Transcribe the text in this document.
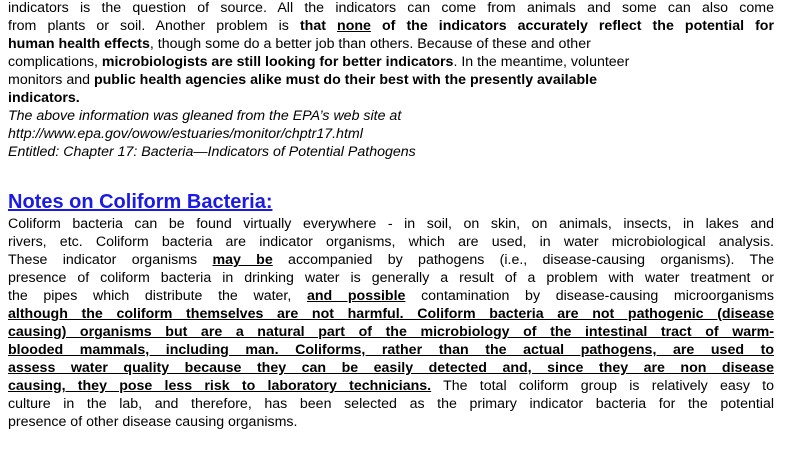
indicators is the question of source. All the indicators can come from animals and some can also come
from plants or soil. Another problem is that none of the indicators accurately reflect the potential for
human health effects, though some do a better job than others. Because of these and other
complications, microbiologists are still looking for better indicators. In the meantime, volunteer
monitors and public health agencies alike must do their best with the presently available
indicators.
The above information was gleaned from the EPA’s web site at
http://www.epa.gov/owow/estuaries/monitor/chptr17.html
Entitled: Chapter 17: Bacteria—Indicators of Potential Pathogens
Notes on Coliform Bacteria:
Coliform bacteria can be found virtually everywhere - in soil, on skin, on animals, insects, in lakes and
rivers, etc. Coliform bacteria are indicator organisms, which are used, in water microbiological analysis.
These indicator organisms may be accompanied by pathogens (i.e., disease-causing organisms). The
presence of coliform bacteria in drinking water is generally a result of a problem with water treatment or
the pipes which distribute the water, and possible contamination by disease-causing microorganisms
although the coliform themselves are not harmful. Coliform bacteria are not pathogenic (disease
causing) organisms but are a natural part of the microbiology of the intestinal tract of warm-
blooded mammals, including man. Coliforms, rather than the actual pathogens, are used to
assess water quality because they can be easily detected and, since they are non disease
causing, they pose less risk to laboratory technicians. The total coliform group is relatively easy to
culture in the lab, and therefore, has been selected as the primary indicator bacteria for the potential
presence of other disease causing organisms.
